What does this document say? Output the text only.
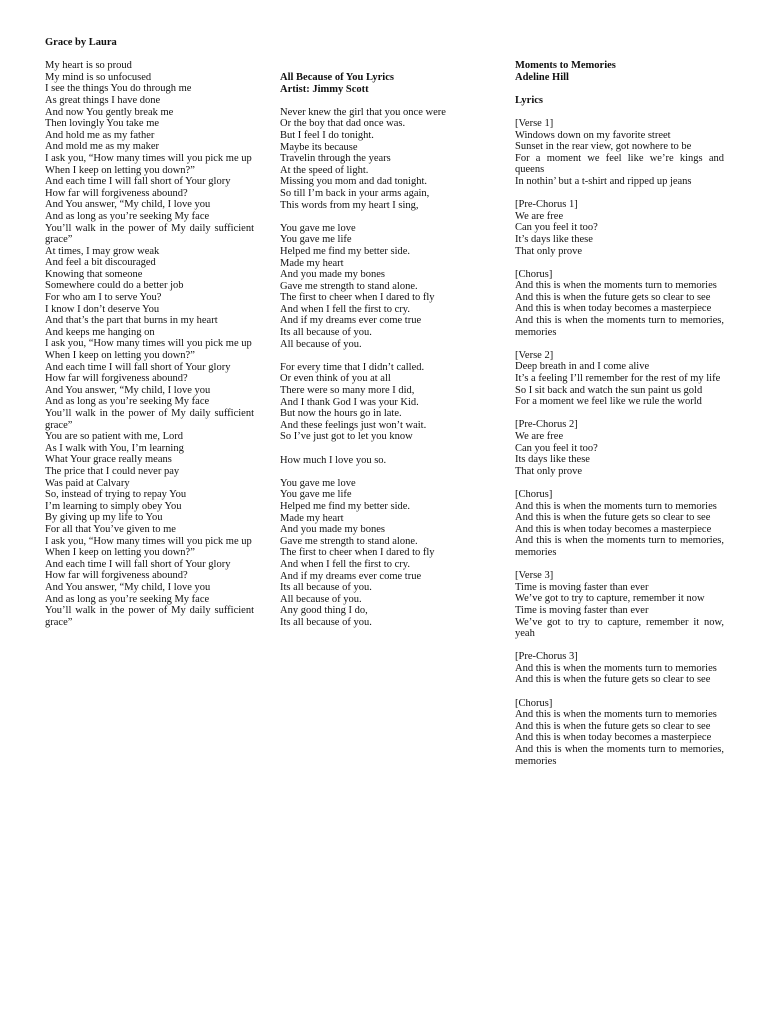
Grace by Laura
My heart is so proud
My mind is so unfocused
I see the things You do through me
As great things I have done
And now You gently break me
Then lovingly You take me
And hold me as my father
And mold me as my maker
I ask you, “How many times will you pick me up
When I keep on letting you down?”
And each time I will fall short of Your glory
How far will forgiveness abound?
And You answer, “My child, I love you
And as long as you’re seeking My face
You’ll walk in the power of My daily sufficient grace”
At times, I may grow weak
And feel a bit discouraged
Knowing that someone
Somewhere could do a better job
For who am I to serve You?
I know I don’t deserve You
And that’s the part that burns in my heart
And keeps me hanging on
I ask you, “How many times will you pick me up
When I keep on letting you down?”
And each time I will fall short of Your glory
How far will forgiveness abound?
And You answer, “My child, I love you
And as long as you’re seeking My face
You’ll walk in the power of My daily sufficient grace”
You are so patient with me, Lord
As I walk with You, I’m learning
What Your grace really means
The price that I could never pay
Was paid at Calvary
So, instead of trying to repay You
I’m learning to simply obey You
By giving up my life to You
For all that You’ve given to me
I ask you, “How many times will you pick me up
When I keep on letting you down?”
And each time I will fall short of Your glory
How far will forgiveness abound?
And You answer, “My child, I love you
And as long as you’re seeking My face
You’ll walk in the power of My daily sufficient grace”
All Because of You Lyrics
Artist: Jimmy Scott
Never knew the girl that you once were
Or the boy that dad once was.
But I feel I do tonight.
Maybe its because
Travelin through the years
At the speed of light.
Missing you mom and dad tonight.
So till I’m back in your arms again,
This words from my heart I sing,
You gave me love
You gave me life
Helped me find my better side.
Made my heart
And you made my bones
Gave me strength to stand alone.
The first to cheer when I dared to fly
And when I fell the first to cry.
And if my dreams ever come true
Its all because of you.
All because of you.
For every time that I didn’t called.
Or even think of you at all
There were so many more I did,
And I thank God I was your Kid.
But now the hours go in late.
And these feelings just won’t wait.
So I’ve just got to let you know
How much I love you so.
You gave me love
You gave me life
Helped me find my better side.
Made my heart
And you made my bones
Gave me strength to stand alone.
The first to cheer when I dared to fly
And when I fell the first to cry.
And if my dreams ever come true
Its all because of you.
All because of you.
Any good thing I do,
Its all because of you.
Moments to Memories
Adeline Hill
Lyrics
[Verse 1]
Windows down on my favorite street
Sunset in the rear view, got nowhere to be
For a moment we feel like we’re kings and queens
In nothin’ but a t-shirt and ripped up jeans
[Pre-Chorus 1]
We are free
Can you feel it too?
It’s days like these
That only prove
[Chorus]
And this is when the moments turn to memories
And this is when the future gets so clear to see
And this is when today becomes a masterpiece
And this is when the moments turn to memories, memories
[Verse 2]
Deep breath in and I come alive
It’s a feeling I’ll remember for the rest of my life
So I sit back and watch the sun paint us gold
For a moment we feel like we rule the world
[Pre-Chorus 2]
We are free
Can you feel it too?
Its days like these
That only prove
[Chorus]
And this is when the moments turn to memories
And this is when the future gets so clear to see
And this is when today becomes a masterpiece
And this is when the moments turn to memories, memories
[Verse 3]
Time is moving faster than ever
We’ve got to try to capture, remember it now
Time is moving faster than ever
We’ve got to try to capture, remember it now, yeah
[Pre-Chorus 3]
And this is when the moments turn to memories
And this is when the future gets so clear to see
[Chorus]
And this is when the moments turn to memories
And this is when the future gets so clear to see
And this is when today becomes a masterpiece
And this is when the moments turn to memories, memories
